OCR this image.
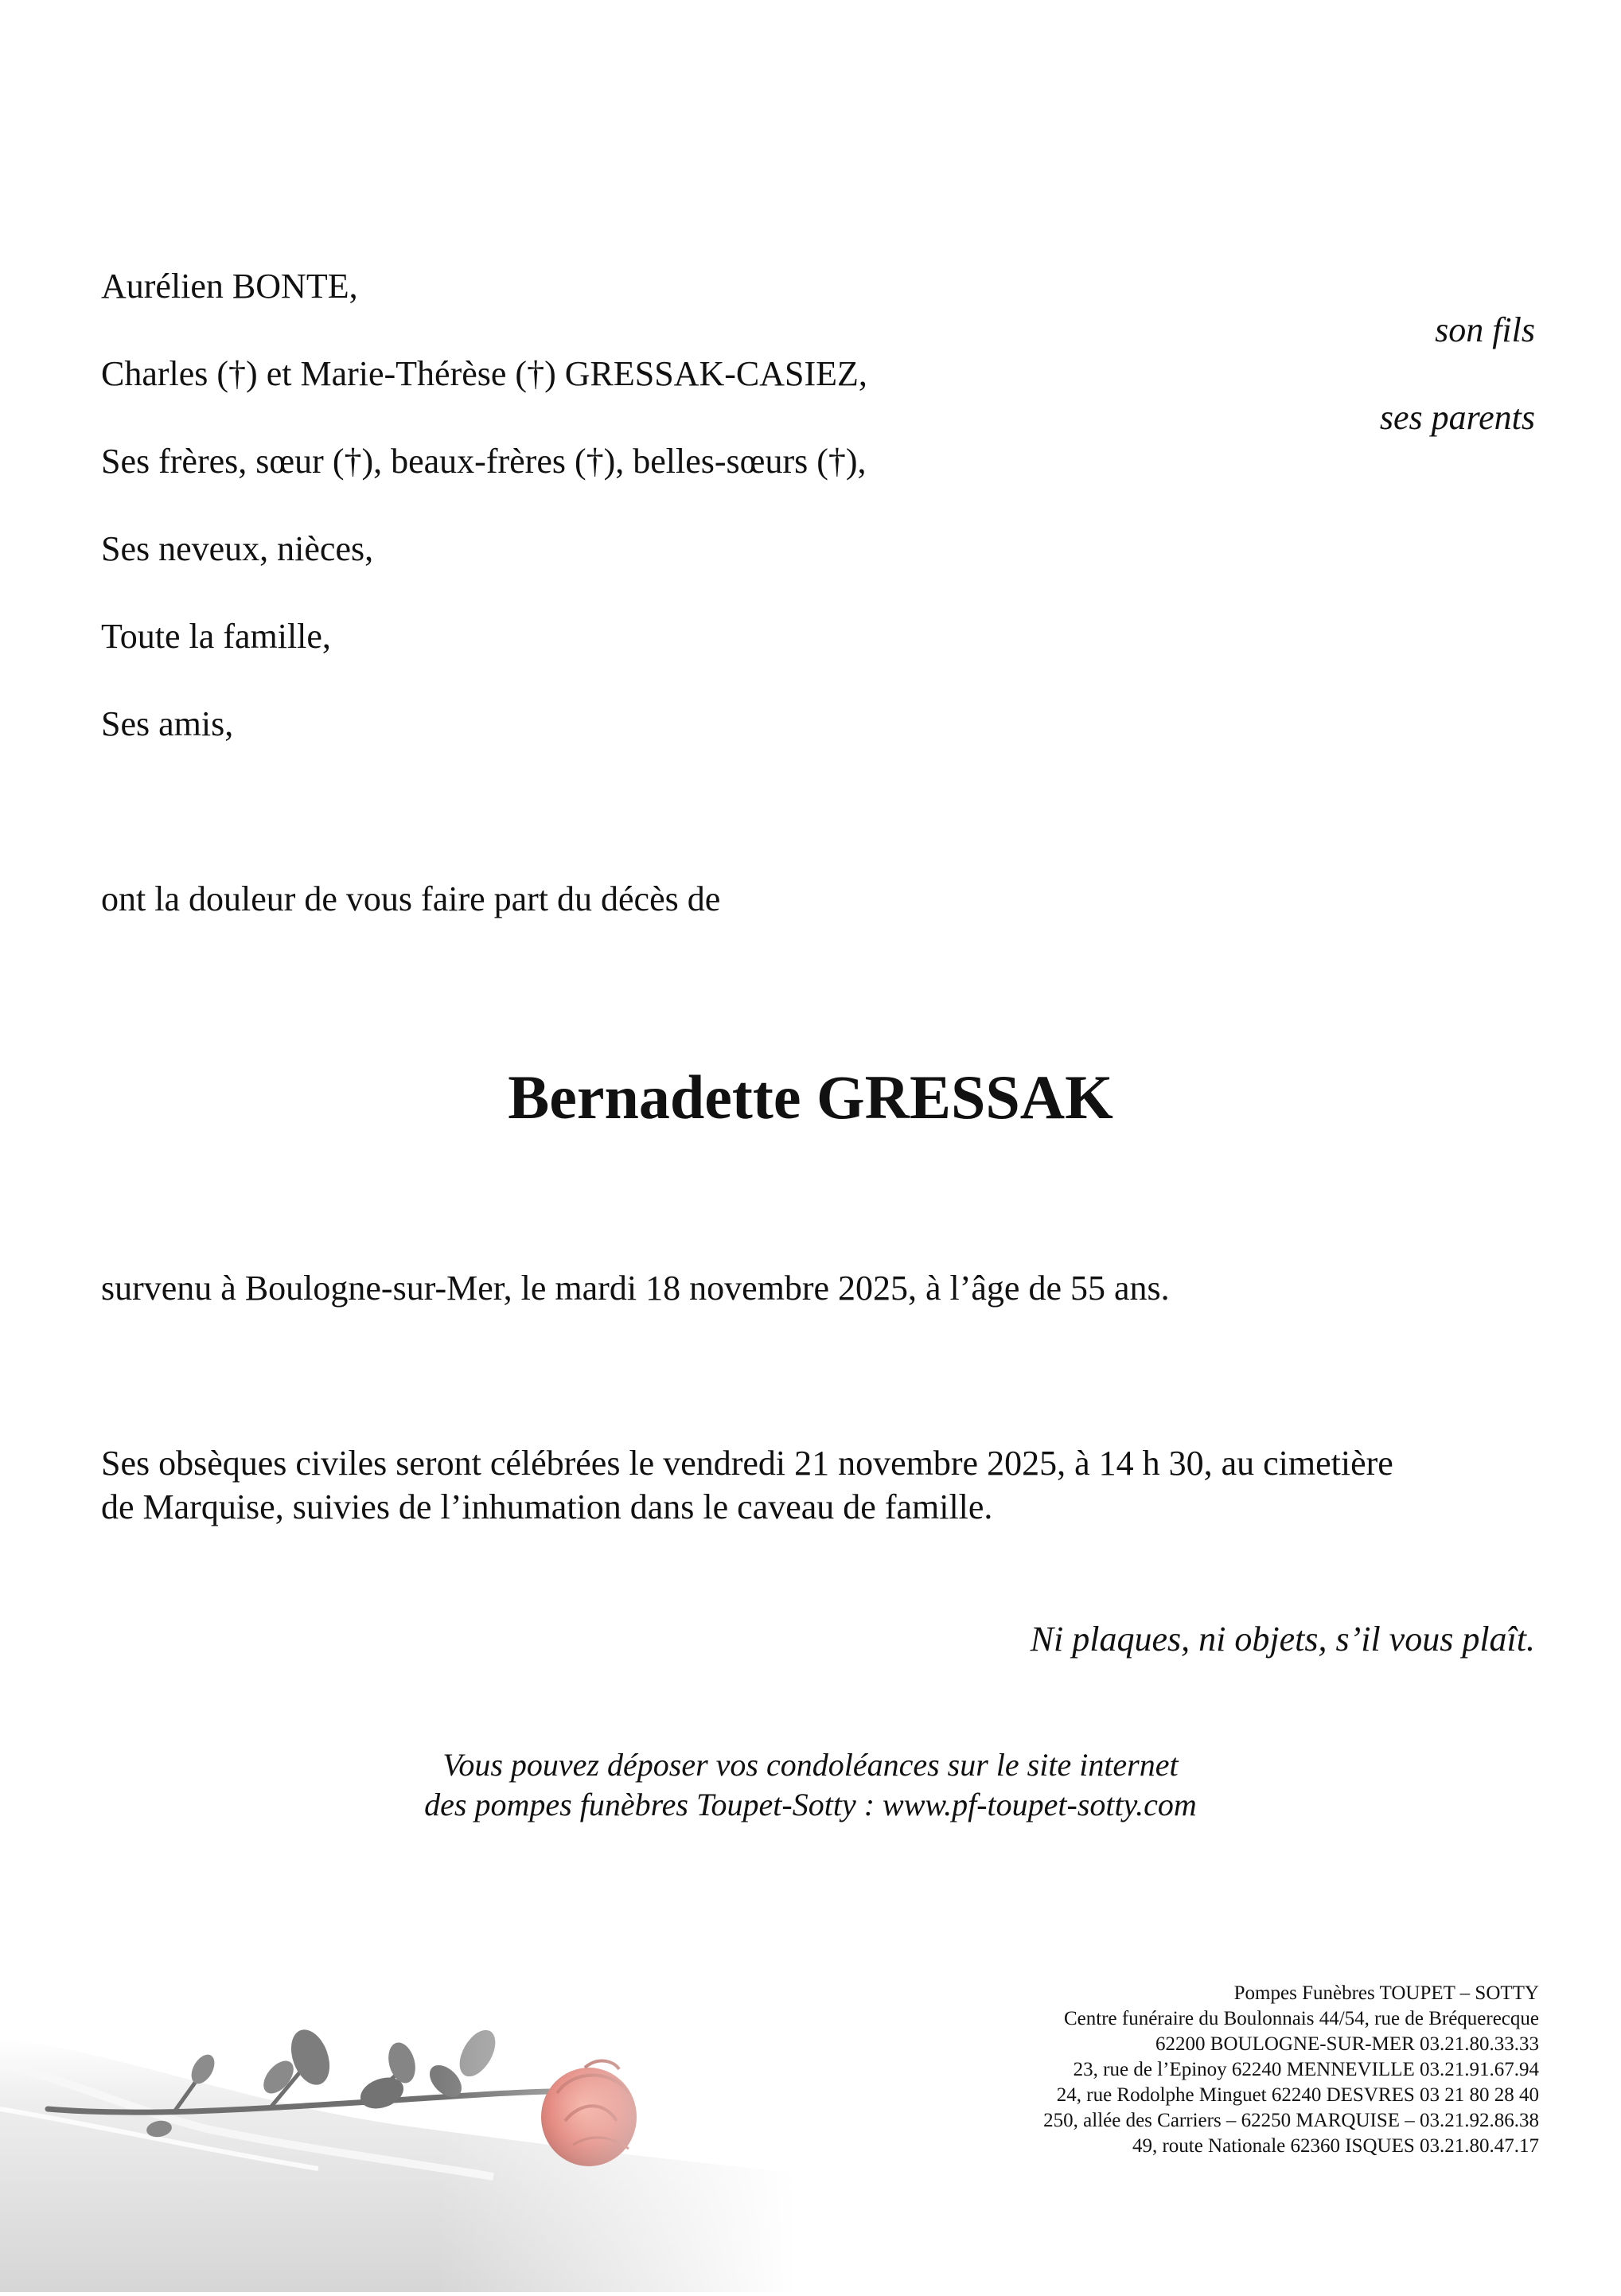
Aurélien BONTE,
Charles (†) et Marie-Thérèse (†) GRESSAK-CASIEZ,
Ses frères, sœur (†), beaux-frères (†), belles-sœurs (†),
Ses neveux, nièces,
Toute la famille,
Ses amis,
son fils
ses parents
ont la douleur de vous faire part du décès de
Bernadette GRESSAK
survenu à Boulogne-sur-Mer, le mardi 18 novembre 2025, à l’âge de 55 ans.
Ses obsèques civiles seront célébrées le vendredi 21 novembre 2025, à 14 h 30, au cimetière
de Marquise, suivies de l’inhumation dans le caveau de famille.
Ni plaques, ni objets, s’il vous plaît.
Vous pouvez déposer vos condoléances sur le site internet
des pompes funèbres Toupet-Sotty : www.pf-toupet-sotty.com
Pompes Funèbres TOUPET – SOTTY
Centre funéraire du Boulonnais 44/54, rue de Bréquerecque
62200 BOULOGNE-SUR-MER 03.21.80.33.33
23, rue de l’Epinoy 62240 MENNEVILLE 03.21.91.67.94
24, rue Rodolphe Minguet 62240 DESVRES 03 21 80 28 40
250, allée des Carriers – 62250 MARQUISE – 03.21.92.86.38
49, route Nationale 62360 ISQUES 03.21.80.47.17
